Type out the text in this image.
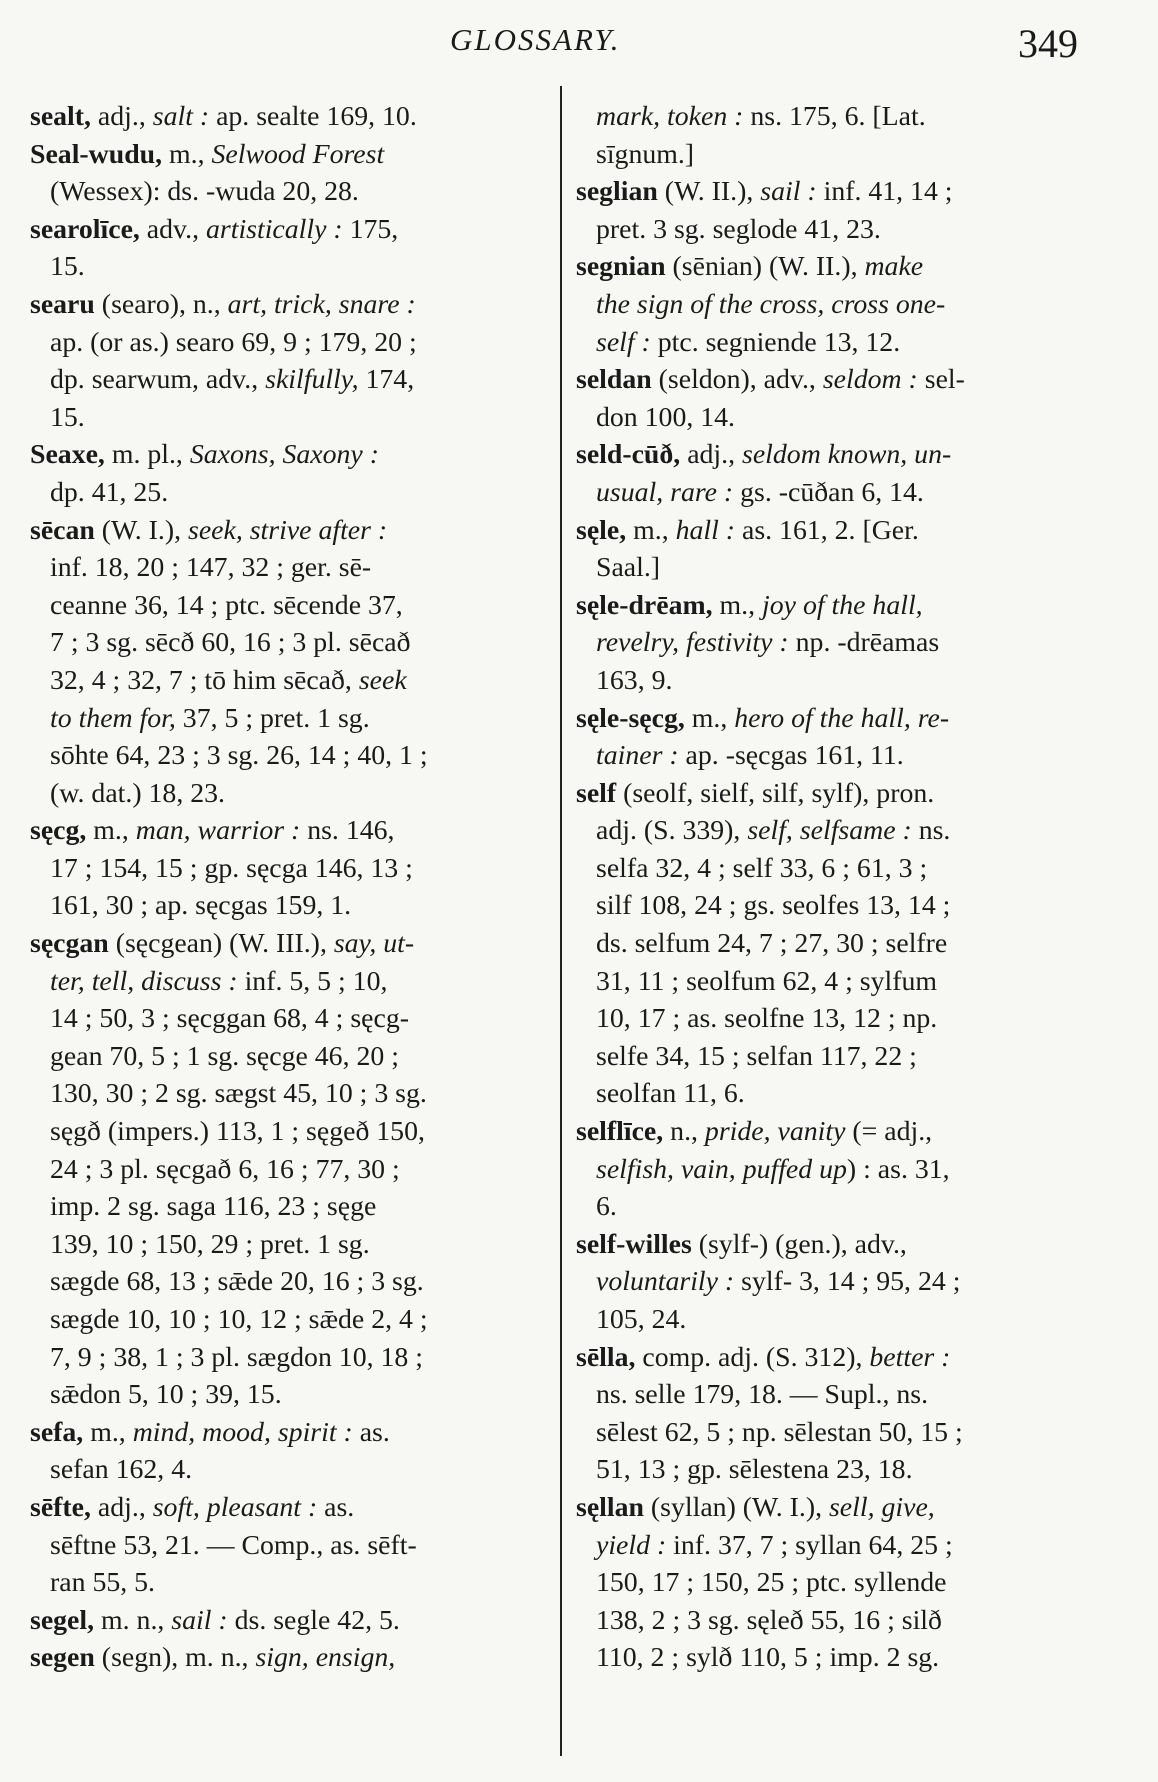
GLOSSARY.	349
sealt, adj., salt : ap. sealte 169, 10.
Seal-wudu, m., Selwood Forest
(Wessex): ds. -wuda 20, 28.
searolīce, adv., artistically : 175,
15.
searu (searo), n., art, trick, snare :
ap. (or as.) searo 69, 9 ; 179, 20 ;
dp. searwum, adv., skilfully, 174,
15.
Seaxe, m. pl., Saxons, Saxony :
dp. 41, 25.
sēcan (W. I.), seek, strive after :
inf. 18, 20 ; 147, 32 ; ger. sē-
ceanne 36, 14 ; ptc. sēcende 37,
7 ; 3 sg. sēcð 60, 16 ; 3 pl. sēcað
32, 4 ; 32, 7 ; tō him sēcað, seek
to them for, 37, 5 ; pret. 1 sg.
sōhte 64, 23 ; 3 sg. 26, 14 ; 40, 1 ;
(w. dat.) 18, 23.
sęcg, m., man, warrior : ns. 146,
17 ; 154, 15 ; gp. sęcga 146, 13 ;
161, 30 ; ap. sęcgas 159, 1.
sęcgan (sęcgean) (W. III.), say, ut-
ter, tell, discuss : inf. 5, 5 ; 10,
14 ; 50, 3 ; sęcggan 68, 4 ; sęcg-
gean 70, 5 ; 1 sg. sęcge 46, 20 ;
130, 30 ; 2 sg. sægst 45, 10 ; 3 sg.
sęgð (impers.) 113, 1 ; sęgeð 150,
24 ; 3 pl. sęcgað 6, 16 ; 77, 30 ;
imp. 2 sg. saga 116, 23 ; sęge
139, 10 ; 150, 29 ; pret. 1 sg.
sægde 68, 13 ; sǣde 20, 16 ; 3 sg.
sægde 10, 10 ; 10, 12 ; sǣde 2, 4 ;
7, 9 ; 38, 1 ; 3 pl. sægdon 10, 18 ;
sǣdon 5, 10 ; 39, 15.
sefa, m., mind, mood, spirit : as.
sefan 162, 4.
sēfte, adj., soft, pleasant : as.
sēftne 53, 21. — Comp., as. sēft-
ran 55, 5.
segel, m. n., sail : ds. segle 42, 5.
segen (segn), m. n., sign, ensign,
mark, token : ns. 175, 6. [Lat.
sīgnum.]
seglian (W. II.), sail : inf. 41, 14 ;
pret. 3 sg. seglode 41, 23.
segnian (sēnian) (W. II.), make
the sign of the cross, cross one-
self : ptc. segniende 13, 12.
seldan (seldon), adv., seldom : sel-
don 100, 14.
seld-cūð, adj., seldom known, un-
usual, rare : gs. -cūðan 6, 14.
sęle, m., hall : as. 161, 2. [Ger.
Saal.]
sęle-drēam, m., joy of the hall,
revelry, festivity : np. -drēamas
163, 9.
sęle-sęcg, m., hero of the hall, re-
tainer : ap. -sęcgas 161, 11.
self (seolf, sielf, silf, sylf), pron.
adj. (S. 339), self, selfsame : ns.
selfa 32, 4 ; self 33, 6 ; 61, 3 ;
silf 108, 24 ; gs. seolfes 13, 14 ;
ds. selfum 24, 7 ; 27, 30 ; selfre
31, 11 ; seolfum 62, 4 ; sylfum
10, 17 ; as. seolfne 13, 12 ; np.
selfe 34, 15 ; selfan 117, 22 ;
seolfan 11, 6.
selflīce, n., pride, vanity (= adj.,
selfish, vain, puffed up) : as. 31,
6.
self-willes (sylf-) (gen.), adv.,
voluntarily : sylf- 3, 14 ; 95, 24 ;
105, 24.
sēlla, comp. adj. (S. 312), better :
ns. selle 179, 18. — Supl., ns.
sēlest 62, 5 ; np. sēlestan 50, 15 ;
51, 13 ; gp. sēlestena 23, 18.
sęllan (syllan) (W. I.), sell, give,
yield : inf. 37, 7 ; syllan 64, 25 ;
150, 17 ; 150, 25 ; ptc. syllende
138, 2 ; 3 sg. sęleð 55, 16 ; silð
110, 2 ; sylð 110, 5 ; imp. 2 sg.
